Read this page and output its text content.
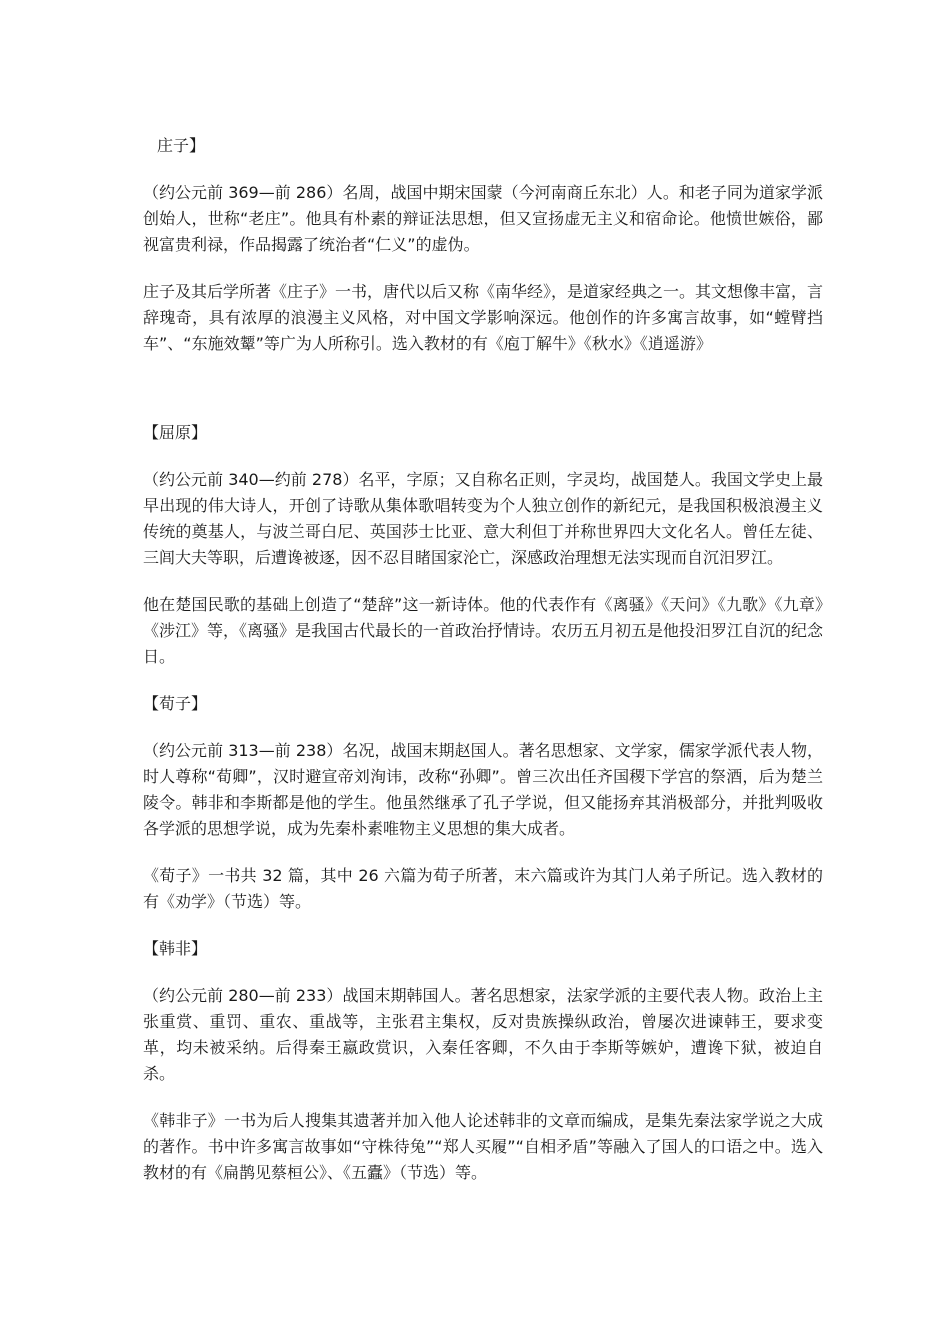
庄子】

（约公元前 369—前 286）名周，战国中期宋国蒙（今河南商丘东北）人。和老子同为道家学派创始人，世称“老庄”。他具有朴素的辩证法思想，但又宣扬虚无主义和宿命论。他愤世嫉俗，鄙视富贵利禄，作品揭露了统治者“仁义”的虚伪。

庄子及其后学所著《庄子》一书，唐代以后又称《南华经》，是道家经典之一。其文想像丰富，言辞瑰奇，具有浓厚的浪漫主义风格，对中国文学影响深远。他创作的许多寓言故事，如“螳臂挡车”、“东施效颦”等广为人所称引。选入教材的有《庖丁解牛》《秋水》《逍遥游》

【屈原】

（约公元前 340—约前 278）名平，字原；又自称名正则，字灵均，战国楚人。我国文学史上最早出现的伟大诗人，开创了诗歌从集体歌唱转变为个人独立创作的新纪元，是我国积极浪漫主义传统的奠基人，与波兰哥白尼、英国莎士比亚、意大利但丁并称世界四大文化名人。曾任左徒、三闾大夫等职，后遭谗被逐，因不忍目睹国家沦亡，深感政治理想无法实现而自沉汨罗江。

他在楚国民歌的基础上创造了“楚辞”这一新诗体。他的代表作有《离骚》《天问》《九歌》《九章》《涉江》等，《离骚》是我国古代最长的一首政治抒情诗。农历五月初五是他投汨罗江自沉的纪念日。

【荀子】

（约公元前 313—前 238）名况，战国末期赵国人。著名思想家、文学家，儒家学派代表人物，时人尊称“荀卿”，汉时避宣帝刘洵讳，改称“孙卿”。曾三次出任齐国稷下学宫的祭酒，后为楚兰陵令。韩非和李斯都是他的学生。他虽然继承了孔子学说，但又能扬弃其消极部分，并批判吸收各学派的思想学说，成为先秦朴素唯物主义思想的集大成者。

《荀子》一书共 32 篇，其中 26 六篇为荀子所著，末六篇或许为其门人弟子所记。选入教材的有《劝学》（节选）等。

【韩非】

（约公元前 280—前 233）战国末期韩国人。著名思想家，法家学派的主要代表人物。政治上主张重赏、重罚、重农、重战等，主张君主集权，反对贵族操纵政治，曾屡次进谏韩王，要求变革，均未被采纳。后得秦王嬴政赏识，入秦任客卿，不久由于李斯等嫉妒，遭谗下狱，被迫自杀。

《韩非子》一书为后人搜集其遗著并加入他人论述韩非的文章而编成，是集先秦法家学说之大成的著作。书中许多寓言故事如“守株待兔”“郑人买履”“自相矛盾”等融入了国人的口语之中。选入教材的有《扁鹊见蔡桓公》、《五蠹》（节选）等。
